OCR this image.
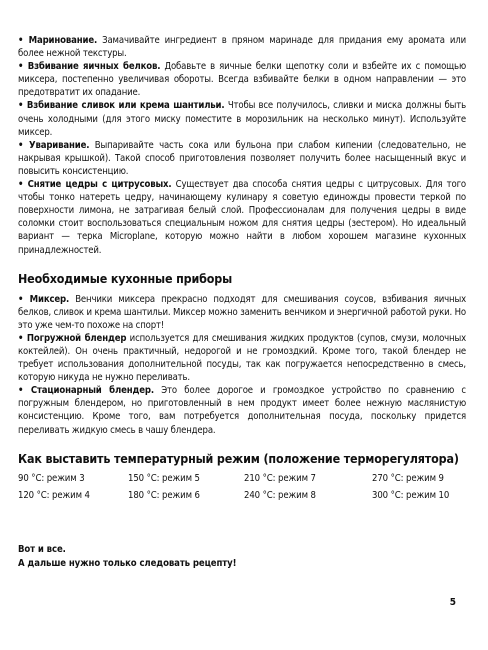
• Маринование. Замачивайте ингредиент в пряном маринаде для придания ему аромата или более нежной текстуры.

• Взбивание яичных белков. Добавьте в яичные белки щепотку соли и взбейте их с помощью миксера, постепенно увеличивая обороты. Всегда взбивайте белки в одном направлении — это предотвратит их опадание.

• Взбивание сливок или крема шантильи. Чтобы все получилось, сливки и миска должны быть очень холодными (для этого миску поместите в морозильник на несколько минут). Используйте миксер.

• Уваривание. Выпаривайте часть сока или бульона при слабом кипении (следовательно, не накрывая крышкой). Такой способ приготовления позволяет получить более насыщенный вкус и повысить консистенцию.

• Снятие цедры с цитрусовых. Существует два способа снятия цедры с цитрусовых. Для того чтобы тонко натереть цедру, начинающему кулинару я советую единожды провести теркой по поверхности лимона, не затрагивая белый слой. Профессионалам для получения цедры в виде соломки стоит воспользоваться специальным ножом для снятия цедры (зестером). Но идеальный вариант — терка Microplane, которую можно найти в любом хорошем магазине кухонных принадлежностей.

Необходимые кухонные приборы

• Миксер. Венчики миксера прекрасно подходят для смешивания соусов, взбивания яичных белков, сливок и крема шантильи. Миксер можно заменить венчиком и энергичной работой руки. Но это уже чем-то похоже на спорт!

• Погружной блендер используется для смешивания жидких продуктов (супов, смузи, молочных коктейлей). Он очень практичный, недорогой и не громоздкий. Кроме того, такой блендер не требует использования дополнительной посуды, так как погружается непосредственно в смесь, которую никуда не нужно переливать.

• Стационарный блендер. Это более дорогое и громоздкое устройство по сравнению с погружным блендером, но приготовленный в нем продукт имеет более нежную маслянистую консистенцию. Кроме того, вам потребуется дополнительная посуда, поскольку придется переливать жидкую смесь в чашу блендера.

Как выставить температурный режим (положение терморегулятора)
90 °C: режим 3	150 °C: режим 5	210 °C: режим 7	270 °C: режим 9
120 °C: режим 4	180 °C: режим 6	240 °C: режим 8	300 °C: режим 10

Вот и все.

А дальше нужно только следовать рецепту!

5
